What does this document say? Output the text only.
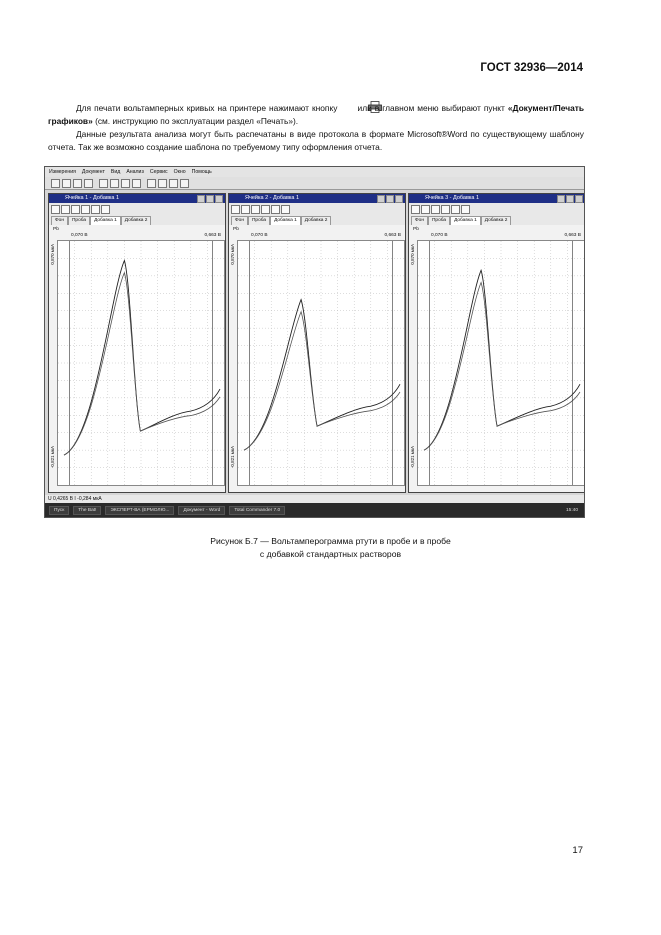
ГОСТ 32936—2014
Для печати вольтамперных кривых на принтере нажимают кнопку или в главном меню выбирают пункт «Документ/Печать графиков» (см. инструкцию по эксплуатации раздел «Печать»).
Данные результата анализа могут быть распечатаны в виде протокола в формате Microsoft®Word по существующему шаблону отчета. Так же возможно создание шаблона по требуемому типу оформления отчета.
Измерения Документ Вид Анализ Сервис Окно Помощь
Ячейка 1 - Добавка 1
Фон	Проба	Добавка 1	Добавка 2
Pb
0,070 В	0,663 В
0,870 мкА
-0,821 мкА
Ячейка 2 - Добавка 1
Фон	Проба	Добавка 1	Добавка 2
Pb
0,070 В	0,663 В
0,870 мкА
-0,821 мкА
Ячейка 3 - Добавка 1
Фон	Проба	Добавка 1	Добавка 2
Pb
0,070 В	0,663 В
0,870 мкА
-0,821 мкА
U 0,4265 В I -0,284 мкА
Пуск	The Bat!	ЭКСПЕРТ-ВА (ЕРМОЛЮ...	Документ - Word	Total Commander 7.0	15:40
Рисунок Б.7 — Вольтамперограмма ртути в пробе и в пробе
с добавкой стандартных растворов
17
